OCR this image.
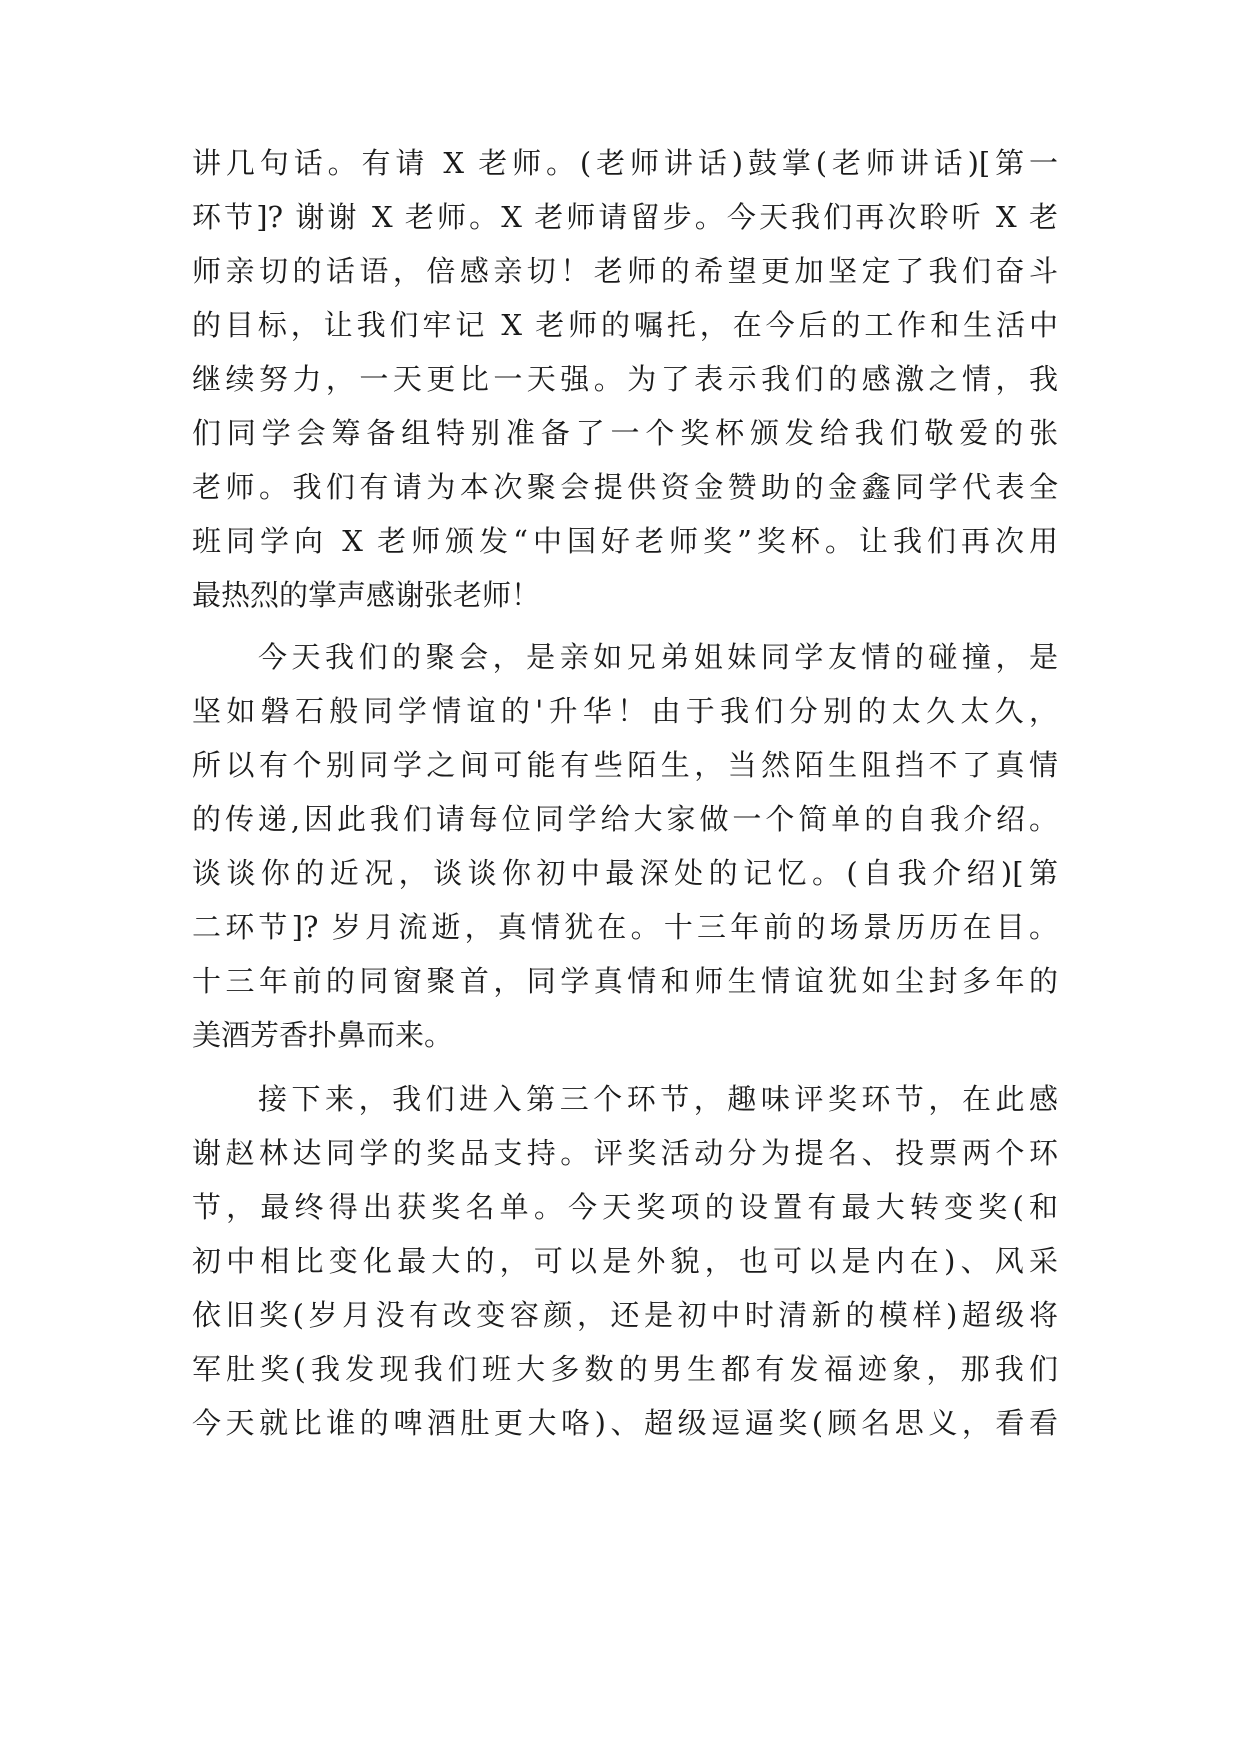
讲几句话。有请 X 老师。(老师讲话)鼓掌(老师讲话)[第一
环节]? 谢谢 X 老师。X 老师请留步。今天我们再次聆听 X 老
师亲切的话语，倍感亲切！老师的希望更加坚定了我们奋斗
的目标，让我们牢记 X 老师的嘱托，在今后的工作和生活中
继续努力，一天更比一天强。为了表示我们的感激之情，我
们同学会筹备组特别准备了一个奖杯颁发给我们敬爱的张
老师。我们有请为本次聚会提供资金赞助的金鑫同学代表全
班同学向 X 老师颁发“中国好老师奖”奖杯。让我们再次用
最热烈的掌声感谢张老师！
今天我们的聚会，是亲如兄弟姐妹同学友情的碰撞，是
坚如磐石般同学情谊的'升华！由于我们分别的太久太久，
所以有个别同学之间可能有些陌生，当然陌生阻挡不了真情
的传递,因此我们请每位同学给大家做一个简单的自我介绍。
谈谈你的近况，谈谈你初中最深处的记忆。(自我介绍)[第
二环节]? 岁月流逝，真情犹在。十三年前的场景历历在目。
十三年前的同窗聚首，同学真情和师生情谊犹如尘封多年的
美酒芳香扑鼻而来。
接下来，我们进入第三个环节，趣味评奖环节，在此感
谢赵林达同学的奖品支持。评奖活动分为提名、投票两个环
节，最终得出获奖名单。今天奖项的设置有最大转变奖(和
初中相比变化最大的，可以是外貌，也可以是内在)、风采
依旧奖(岁月没有改变容颜，还是初中时清新的模样)超级将
军肚奖(我发现我们班大多数的男生都有发福迹象，那我们
今天就比谁的啤酒肚更大咯)、超级逗逼奖(顾名思义，看看
